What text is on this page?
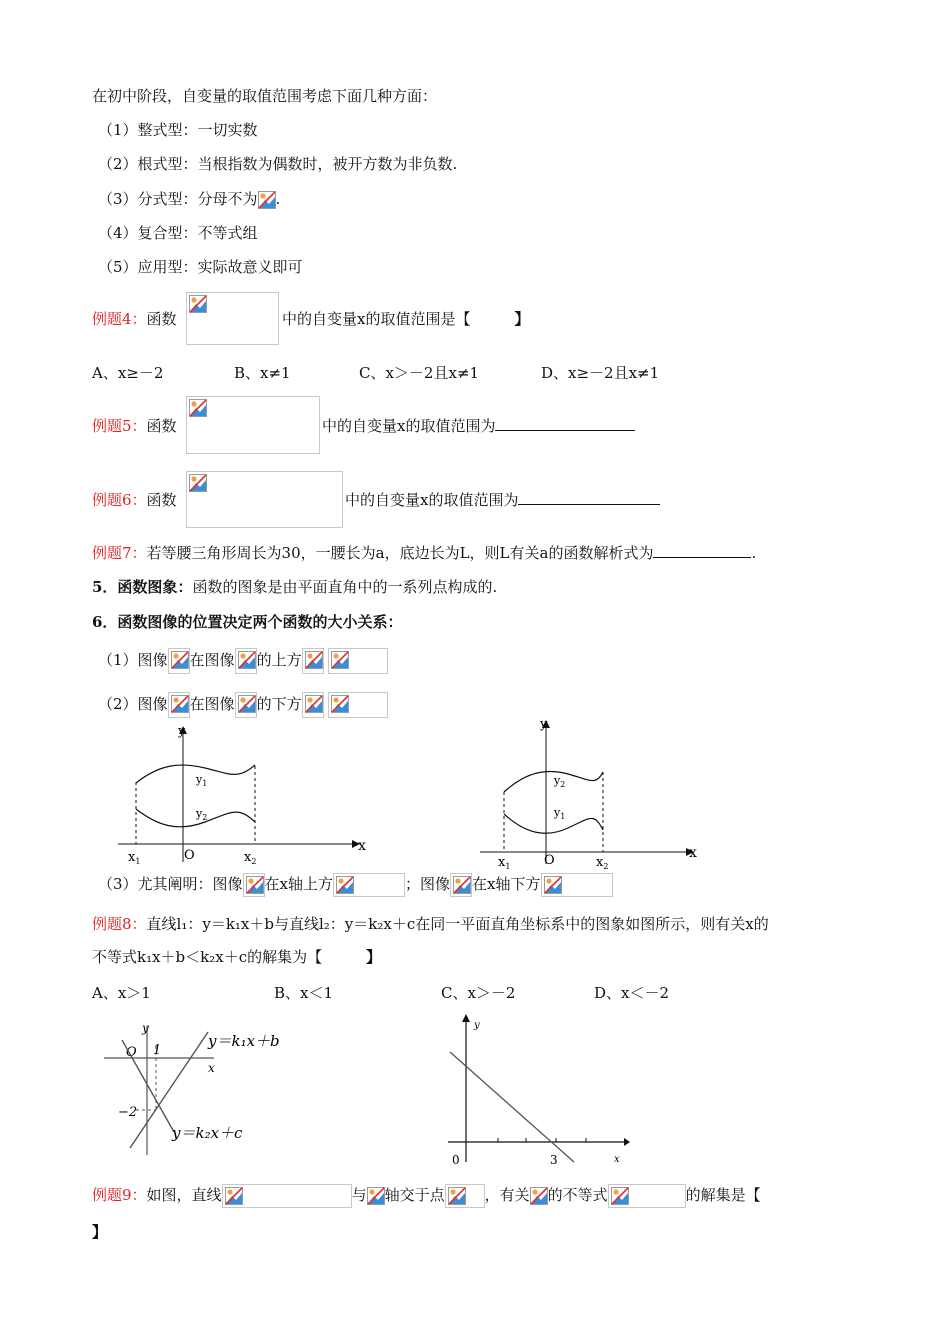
在初中阶段，自变量的取值范围考虑下面几种方面：
（1）整式型：一切实数
（2）根式型：当根指数为偶数时，被开方数为非负数.
（3）分式型：分母不为 .
（4）复合型：不等式组
（5）应用型：实际故意义即可
例题4：函数	中的自变量x的取值范围是【	】
A、x≥－2	B、x≠1	C、x＞－2且x≠1	D、x≥－2且x≠1
例题5：函数	中的自变量x的取值范围为
例题6：函数	中的自变量x的取值范围为
例题7：若等腰三角形周长为30，一腰长为a，底边长为L，则L有关a的函数解析式为	.
5．函数图象：函数的图象是由平面直角中的一系列点构成的.
6．函数图像的位置决定两个函数的大小关系：
（1）图像 在图像 的上方

（2）图像 在图像 的下方

y
x
$y_1$
$y_2$
$x_1$	O	$x_2$
y
x
$y_2$
$y_1$
$x_1$	O	$x_2$
（3）尤其阐明：图像 在x轴上方	；图像 在x轴下方
例题8：直线l₁：y＝k₁x＋b与直线l₂：y＝k₂x＋c在同一平面直角坐标系中的图象如图所示，则有关x的
不等式k₁x＋b＜k₂x＋c的解集为【	】
A、x＞1	B、x＜1	C、x＞－2	D、x＜－2
y
O 1
x
−2
y＝k₁x＋b
y＝k₂x＋c
y
x
0	3
例题9：如图，直线	与 轴交于点	，有关 的不等式	的解集是【
】
